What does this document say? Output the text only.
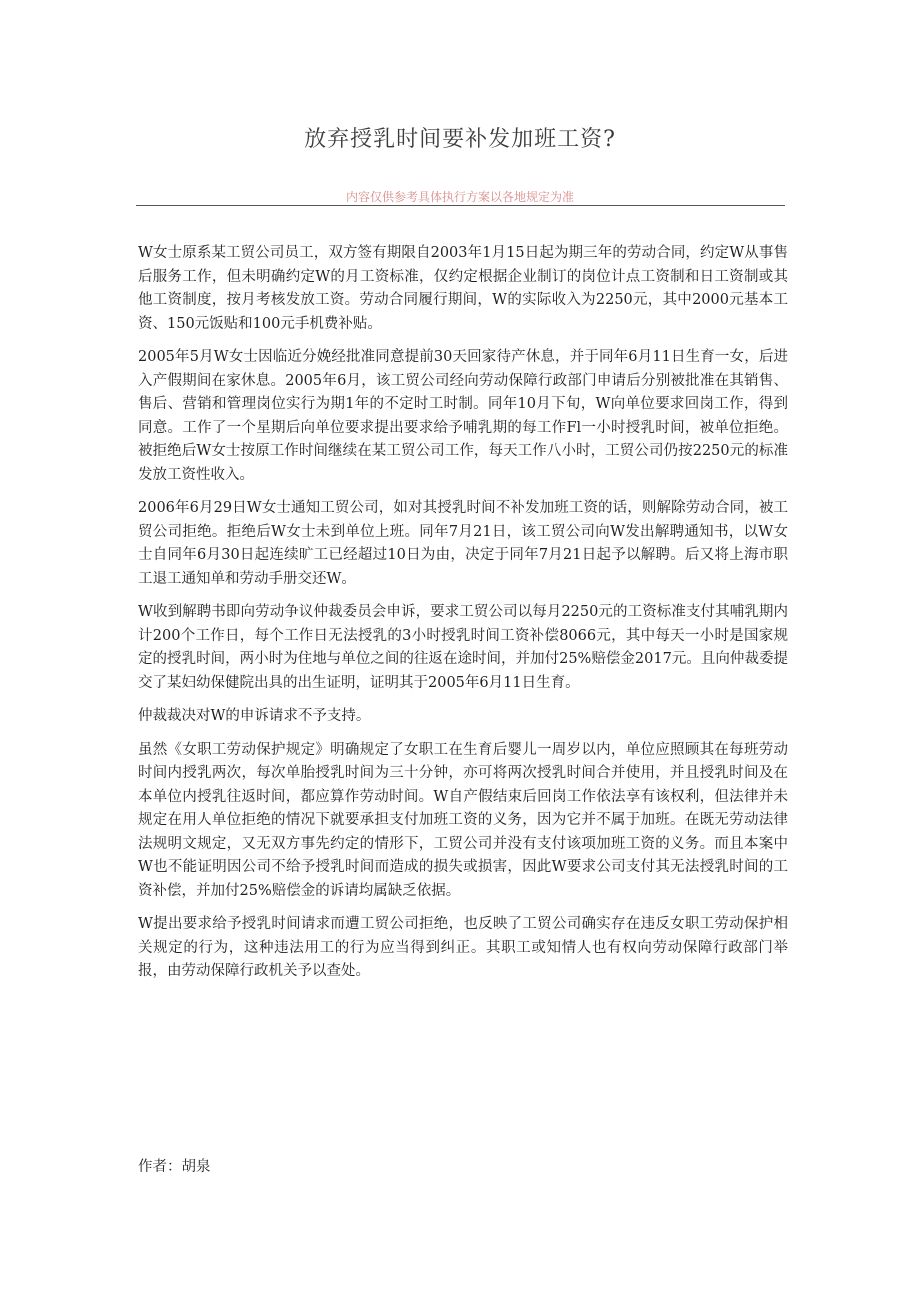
放弃授乳时间要补发加班工资?
内容仅供参考具体执行方案以各地规定为准

W女士原系某工贸公司员工，双方签有期限自2003年1月15日起为期三年的劳动合同，约定W从事售后服务工作，但未明确约定W的月工资标准，仅约定根据企业制订的岗位计点工资制和日工资制或其他工资制度，按月考核发放工资。劳动合同履行期间，W的实际收入为2250元，其中2000元基本工资、150元饭贴和100元手机费补贴。

2005年5月W女士因临近分娩经批准同意提前30天回家待产休息，并于同年6月11日生育一女，后进入产假期间在家休息。2005年6月，该工贸公司经向劳动保障行政部门申请后分别被批准在其销售、售后、营销和管理岗位实行为期1年的不定时工时制。同年10月下旬，W向单位要求回岗工作，得到同意。工作了一个星期后向单位要求提出要求给予哺乳期的每工作Fl一小时授乳时间，被单位拒绝。被拒绝后W女士按原工作时间继续在某工贸公司工作，每天工作八小时，工贸公司仍按2250元的标准发放工资性收入。

2006年6月29日W女士通知工贸公司，如对其授乳时间不补发加班工资的话，则解除劳动合同，被工贸公司拒绝。拒绝后W女士未到单位上班。同年7月21日，该工贸公司向W发出解聘通知书，以W女士自同年6月30日起连续旷工已经超过10日为由，决定于同年7月21日起予以解聘。后又将上海市职工退工通知单和劳动手册交还W。

W收到解聘书即向劳动争议仲裁委员会申诉，要求工贸公司以每月2250元的工资标准支付其哺乳期内计200个工作日，每个工作日无法授乳的3小时授乳时间工资补偿8066元，其中每天一小时是国家规定的授乳时间，两小时为住地与单位之间的往返在途时间，并加付25%赔偿金2017元。且向仲裁委提交了某妇幼保健院出具的出生证明，证明其于2005年6月11日生育。

仲裁裁决对W的申诉请求不予支持。

虽然《女职工劳动保护规定》明确规定了女职工在生育后婴儿一周岁以内，单位应照顾其在每班劳动时间内授乳两次，每次单胎授乳时间为三十分钟，亦可将两次授乳时间合并使用，并且授乳时间及在本单位内授乳往返时间，都应算作劳动时间。W自产假结束后回岗工作依法享有该权利，但法律并未规定在用人单位拒绝的情况下就要承担支付加班工资的义务，因为它并不属于加班。在既无劳动法律法规明文规定，又无双方事先约定的情形下，工贸公司并没有支付该项加班工资的义务。而且本案中W也不能证明因公司不给予授乳时间而造成的损失或损害，因此W要求公司支付其无法授乳时间的工资补偿，并加付25%赔偿金的诉请均属缺乏依据。

W提出要求给予授乳时间请求而遭工贸公司拒绝，也反映了工贸公司确实存在违反女职工劳动保护相关规定的行为，这种违法用工的行为应当得到纠正。其职工或知情人也有权向劳动保障行政部门举报，由劳动保障行政机关予以查处。

作者：胡泉
